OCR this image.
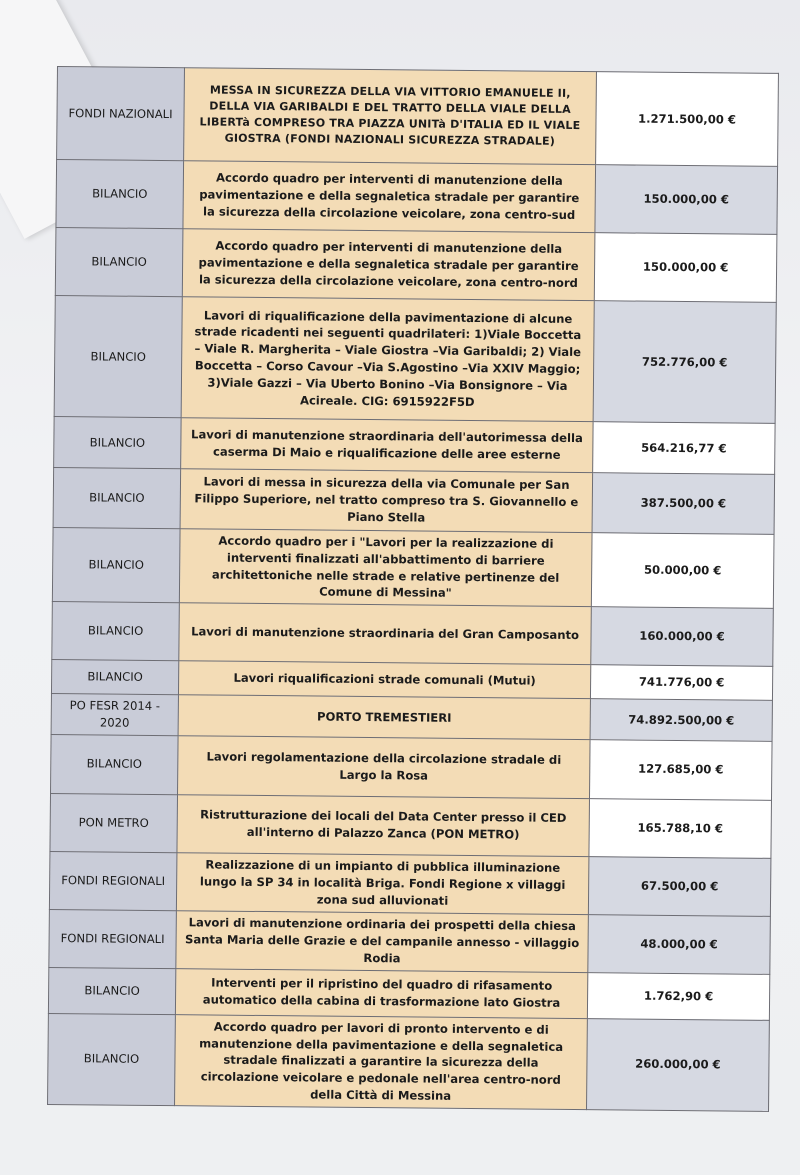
FONDI NAZIONALI	MESSA IN SICUREZZA DELLA VIA VITTORIO EMANUELE II, DELLA VIA GARIBALDI E DEL TRATTO DELLA VIALE DELLA LIBERTà COMPRESO TRA PIAZZA UNITà D'ITALIA ED IL VIALE GIOSTRA (FONDI NAZIONALI SICUREZZA STRADALE)	1.271.500,00 €
BILANCIO	Accordo quadro per interventi di manutenzione della pavimentazione e della segnaletica stradale per garantire la sicurezza della circolazione veicolare, zona centro-sud	150.000,00 €
BILANCIO	Accordo quadro per interventi di manutenzione della pavimentazione e della segnaletica stradale per garantire la sicurezza della circolazione veicolare, zona centro-nord	150.000,00 €
BILANCIO	Lavori di riqualificazione della pavimentazione di alcune strade ricadenti nei seguenti quadrilateri: 1)Viale Boccetta – Viale R. Margherita – Viale Giostra –Via Garibaldi; 2) Viale Boccetta – Corso Cavour –Via S.Agostino –Via XXIV Maggio; 3)Viale Gazzi – Via Uberto Bonino –Via Bonsignore – Via Acireale. CIG: 6915922F5D	752.776,00 €
BILANCIO	Lavori di manutenzione straordinaria dell'autorimessa della caserma Di Maio e riqualificazione delle aree esterne	564.216,77 €
BILANCIO	Lavori di messa in sicurezza della via Comunale per San Filippo Superiore, nel tratto compreso tra S. Giovannello e Piano Stella	387.500,00 €
BILANCIO	Accordo quadro per i "Lavori per la realizzazione di interventi finalizzati all'abbattimento di barriere architettoniche nelle strade e relative pertinenze del Comune di Messina"	50.000,00 €
BILANCIO	Lavori di manutenzione straordinaria del Gran Camposanto	160.000,00 €
BILANCIO	Lavori riqualificazioni strade comunali (Mutui)	741.776,00 €
PO FESR 2014 - 2020	PORTO TREMESTIERI	74.892.500,00 €
BILANCIO	Lavori regolamentazione della circolazione stradale di Largo la Rosa	127.685,00 €
PON METRO	Ristrutturazione dei locali del Data Center presso il CED all'interno di Palazzo Zanca (PON METRO)	165.788,10 €
FONDI REGIONALI	Realizzazione di un impianto di pubblica illuminazione lungo la SP 34 in località Briga. Fondi Regione x villaggi zona sud alluvionati	67.500,00 €
FONDI REGIONALI	Lavori di manutenzione ordinaria dei prospetti della chiesa Santa Maria delle Grazie e del campanile annesso - villaggio Rodia	48.000,00 €
BILANCIO	Interventi per il ripristino del quadro di rifasamento automatico della cabina di trasformazione lato Giostra	1.762,90 €
BILANCIO	Accordo quadro per lavori di pronto intervento e di manutenzione della pavimentazione e della segnaletica stradale finalizzati a garantire la sicurezza della circolazione veicolare e pedonale nell'area centro-nord della Città di Messina	260.000,00 €
